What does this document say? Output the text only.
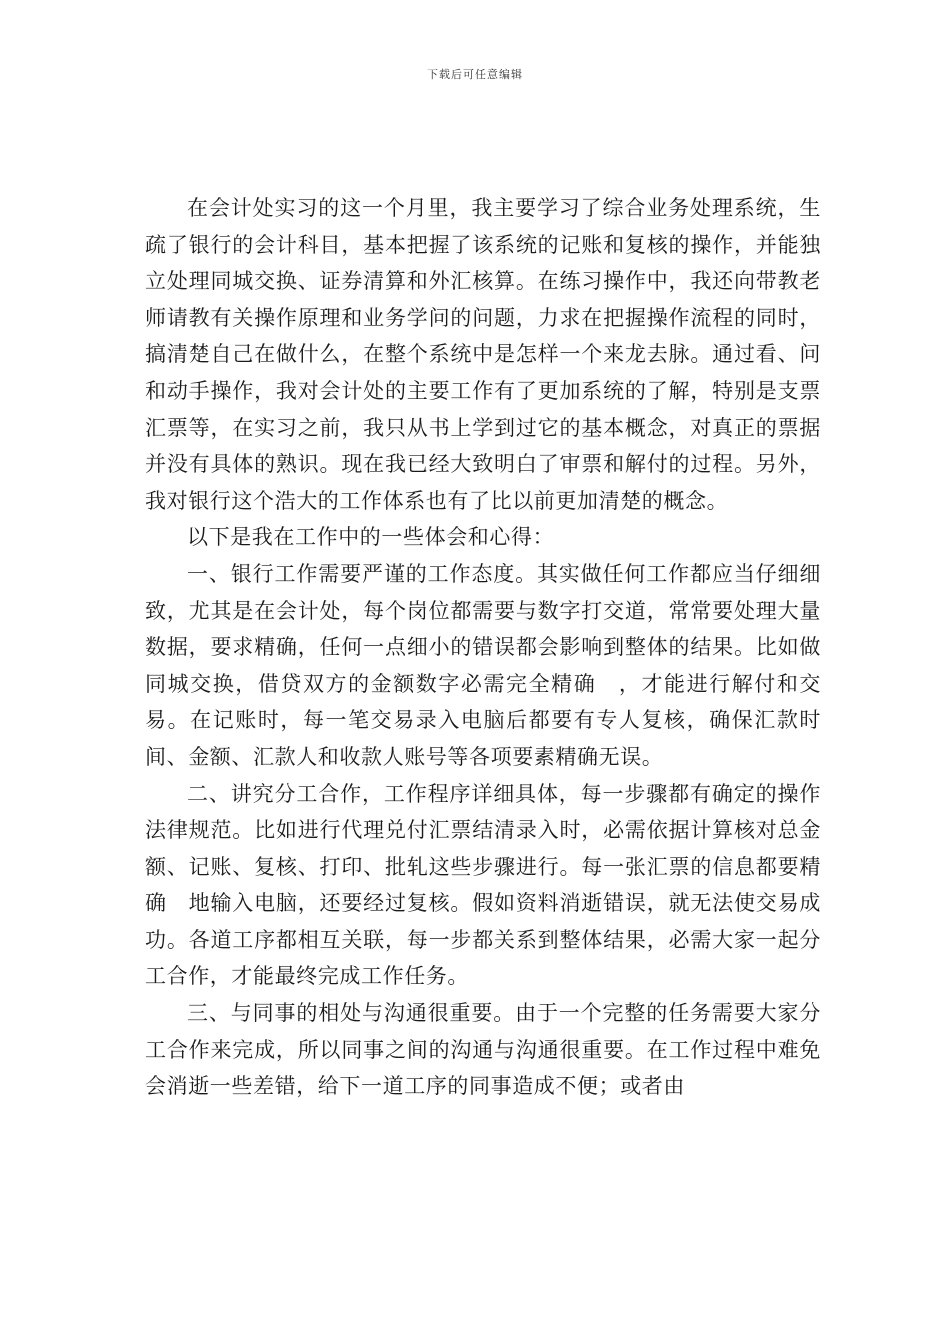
下载后可任意编辑

在会计处实习的这一个月里，我主要学习了综合业务处理系统，生疏了银行的会计科目，基本把握了该系统的记账和复核的操作，并能独立处理同城交换、证券清算和外汇核算。在练习操作中，我还向带教老师请教有关操作原理和业务学问的问题，力求在把握操作流程的同时，搞清楚自己在做什么，在整个系统中是怎样一个来龙去脉。通过看、问和动手操作，我对会计处的主要工作有了更加系统的了解，特别是支票汇票等，在实习之前，我只从书上学到过它的基本概念，对真正的票据并没有具体的熟识。现在我已经大致明白了审票和解付的过程。另外，我对银行这个浩大的工作体系也有了比以前更加清楚的概念。

以下是我在工作中的一些体会和心得：

一、银行工作需要严谨的工作态度。其实做任何工作都应当仔细细致，尤其是在会计处，每个岗位都需要与数字打交道，常常要处理大量数据，要求精确，任何一点细小的错误都会影响到整体的结果。比如做同城交换，借贷双方的金额数字必需完全精确　，才能进行解付和交易。在记账时，每一笔交易录入电脑后都要有专人复核，确保汇款时间、金额、汇款人和收款人账号等各项要素精确无误。

二、讲究分工合作，工作程序详细具体，每一步骤都有确定的操作法律规范。比如进行代理兑付汇票结清录入时，必需依据计算核对总金额、记账、复核、打印、批轧这些步骤进行。每一张汇票的信息都要精确　地输入电脑，还要经过复核。假如资料消逝错误，就无法使交易成功。各道工序都相互关联，每一步都关系到整体结果，必需大家一起分工合作，才能最终完成工作任务。

三、与同事的相处与沟通很重要。由于一个完整的任务需要大家分工合作来完成，所以同事之间的沟通与沟通很重要。在工作过程中难免会消逝一些差错，给下一道工序的同事造成不便；或者由
